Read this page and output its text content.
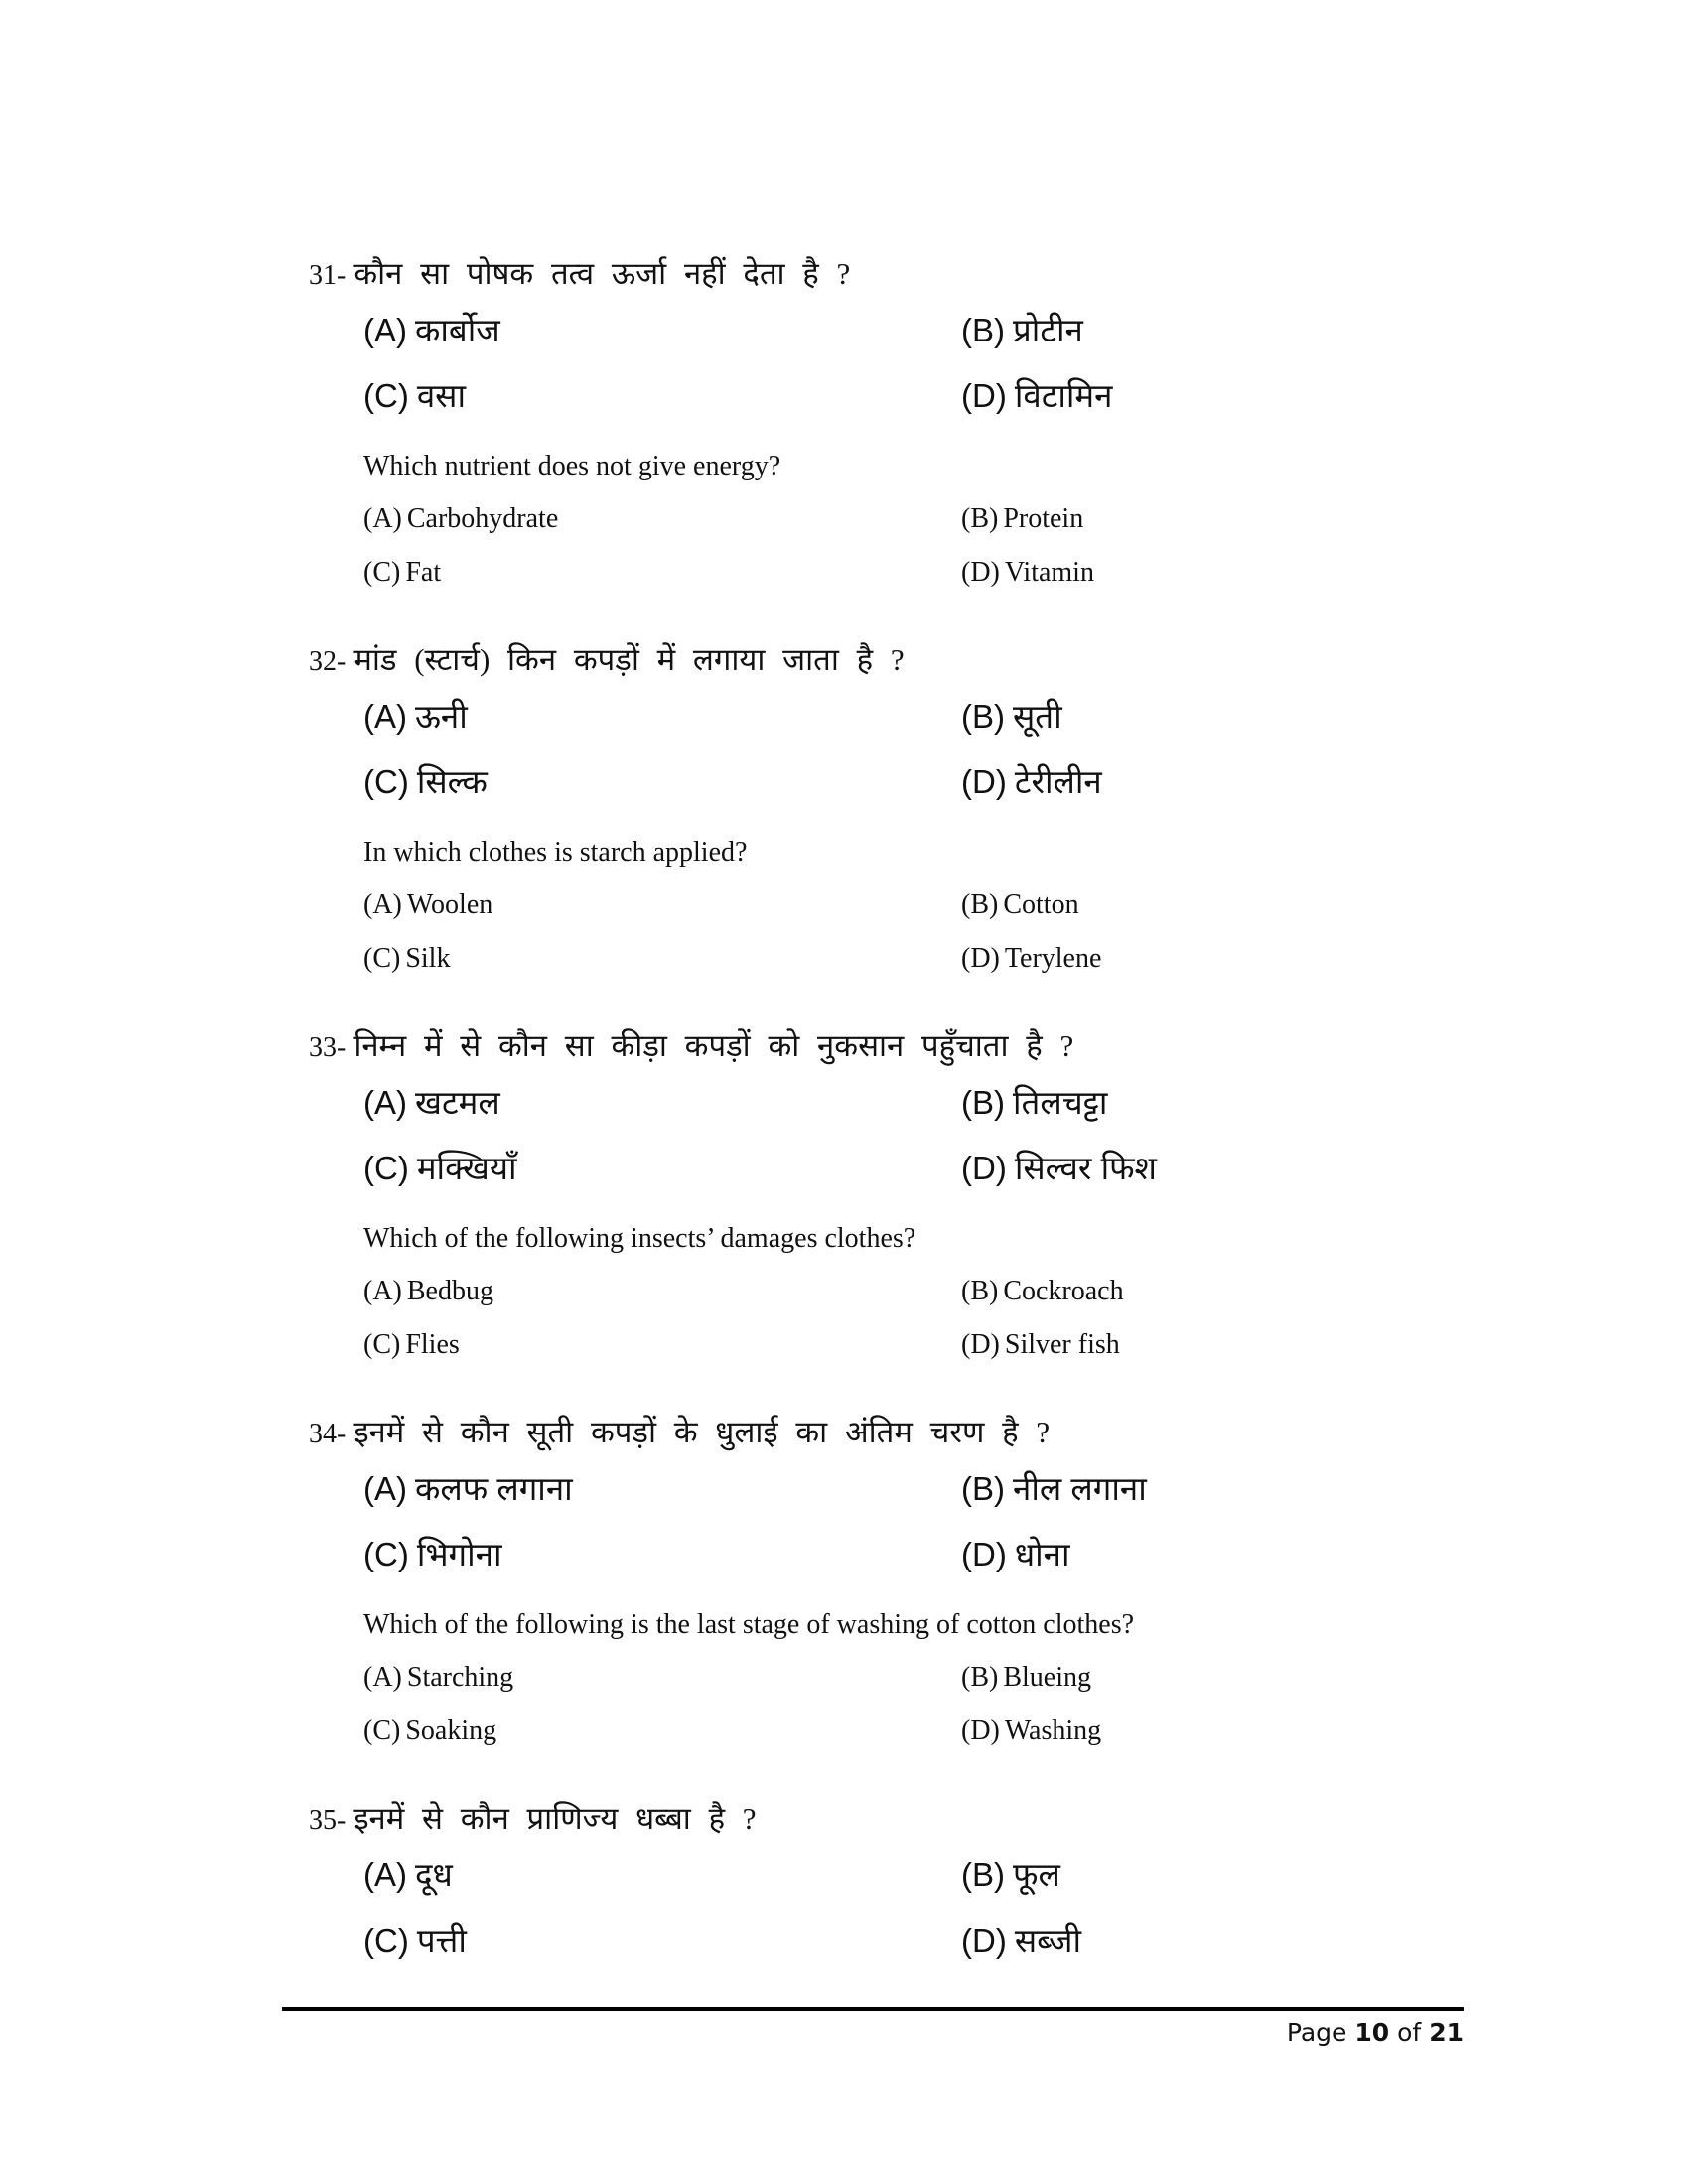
31- कौन सा पोषक तत्व ऊर्जा नहीं देता है ?
(A) कार्बोज	(B) प्रोटीन
(C) वसा	(D) विटामिन
Which nutrient does not give energy?
(A) Carbohydrate	(B) Protein
(C) Fat	(D) Vitamin
32- मांड (स्टार्च) किन कपड़ों में लगाया जाता है ?
(A) ऊनी	(B) सूती
(C) सिल्क	(D) टेरीलीन
In which clothes is starch applied?
(A) Woolen	(B) Cotton
(C) Silk	(D) Terylene
33- निम्न में से कौन सा कीड़ा कपड़ों को नुकसान पहुँचाता है ?
(A) खटमल	(B) तिलचट्टा
(C) मक्खियाँ	(D) सिल्वर फिश
Which of the following insects’ damages clothes?
(A) Bedbug	(B) Cockroach
(C) Flies	(D) Silver fish
34- इनमें से कौन सूती कपड़ों के धुलाई का अंतिम चरण है ?
(A) कलफ लगाना	(B) नील लगाना
(C) भिगोना	(D) धोना
Which of the following is the last stage of washing of cotton clothes?
(A) Starching	(B) Blueing
(C) Soaking	(D) Washing
35- इनमें से कौन प्राणिज्य धब्बा है ?
(A) दूध	(B) फूल
(C) पत्ती	(D) सब्जी
Page 10 of 21
